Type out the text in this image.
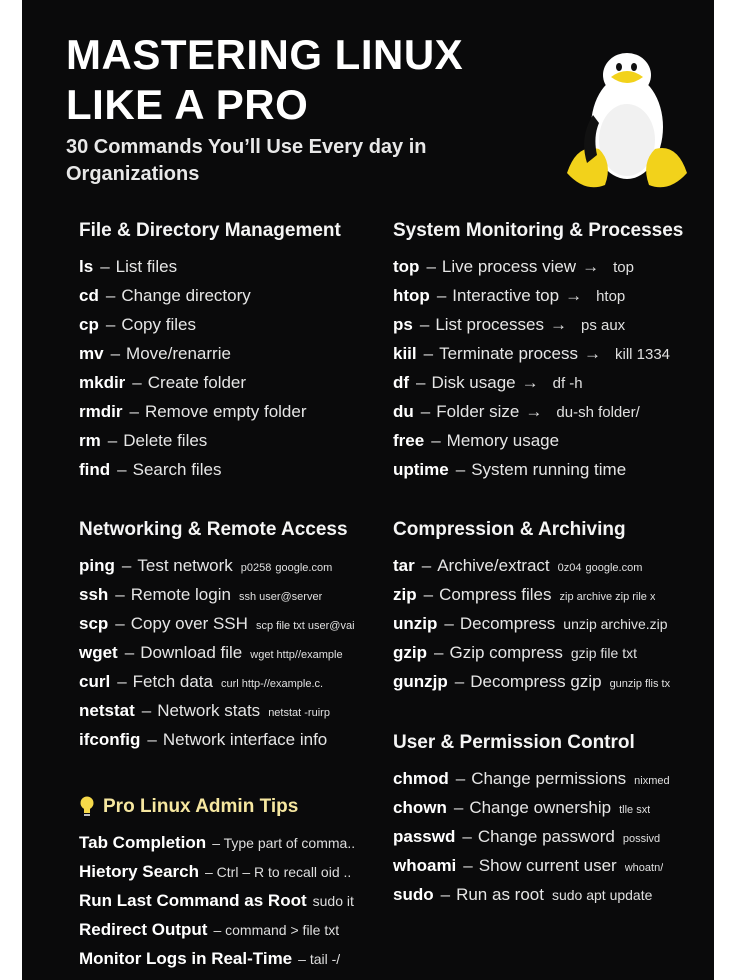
MASTERING LINUX
LIKE A PRO

30 Commands You’ll Use Every day in Organizations

File & Directory Management
ls – List files
cd – Change directory
cp – Copy files
mv – Move/renarrie
mkdir – Create folder
rmdir – Remove empty folder
rm – Delete files
find – Search files
System Monitoring & Processes
top – Live process view → top
htop – Interactive top → htop
ps – List processes → ps aux
kiil – Terminate process → kill 1334
df – Disk usage → df -h
du – Folder size → du-sh folder/
free – Memory usage
uptime – System running time
Networking & Remote Access
ping – Test network p0258 google.com
ssh – Remote login ssh user@server
scp – Copy over SSH scp file txt user@vai
wget – Download file wget http//example
curl – Fetch data curl http-//example.c.
netstat – Network stats netstat -ruirp
ifconfig – Network interface info
Compression & Archiving
tar – Archive/extract 0z04 google.com
zip – Compress files zip archive zip rile x
unzip – Decompress unzip archive.zip
gzip – Gzip compress gzip file txt
gunzjp – Decompress gzip gunzip flis tx
User & Permission Control
chmod – Change permissions nixmed
chown – Change ownership tlle sxt
passwd – Change password possivd
whoami – Show current user whoatn/
sudo – Run as root sudo apt update
Pro Linux Admin Tips
Tab Completion – Type part of comma..
Hietory Search – Ctrl – R to recall oid ..
Run Last Command as Root sudo it
Redirect Output – command > file txt
Monitor Logs in Real-Time – tail -/
